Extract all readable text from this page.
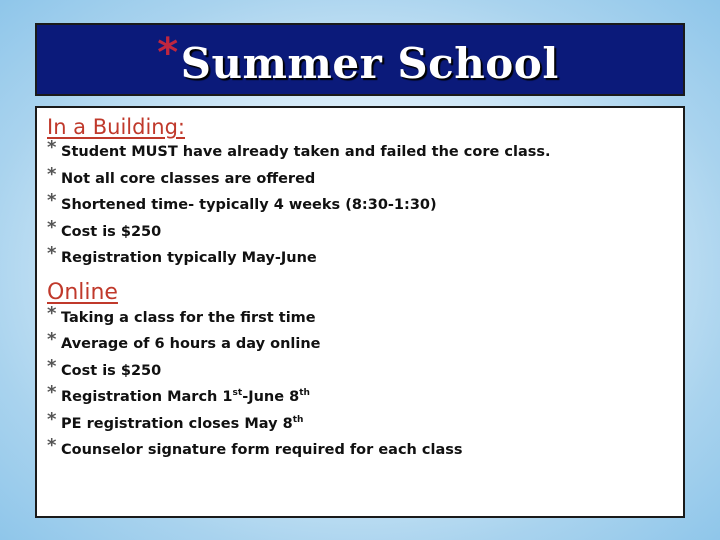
*Summer School
In a Building:
* Student MUST have already taken and failed the core class.
* Not all core classes are offered
* Shortened time- typically 4 weeks (8:30-1:30)
* Cost is $250
* Registration typically May-June
Online
* Taking a class for the first time
* Average of 6 hours a day online
* Cost is $250
* Registration March 1st-June 8th
* PE registration closes May 8th
* Counselor signature form required for each class
